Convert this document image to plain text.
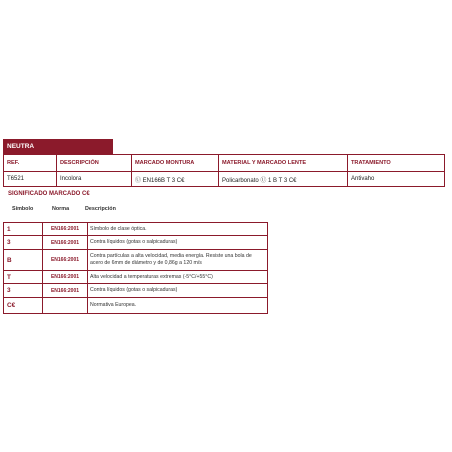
NEUTRA
REF.	DESCRIPCIÓN	MARCADO MONTURA	MATERIAL Y MARCADO LENTE	TRATAMIENTO
T6521	Incolora	Ⓤ EN166B T 3 C€	Policarbonato Ⓤ 1 B T 3 C€	Antivaho
SIGNIFICADO MARCADO C€
Símbolo	Norma	Descripción
1	EN166:2001	Símbolo de clase óptica.
3	EN166:2001	Contra líquidos (gotas o salpicaduras)
B	EN166:2001	Contra partículas a alta velocidad, media energía. Resiste una bola de acero de 6mm de diámetro y de 0,86g a 120 m/s
T	EN166:2001	Alta velocidad a temperaturas extremas (-5°C/+55°C)
3	EN166:2001	Contra líquidos (gotas o salpicaduras)
C€		Normativa Europea.
